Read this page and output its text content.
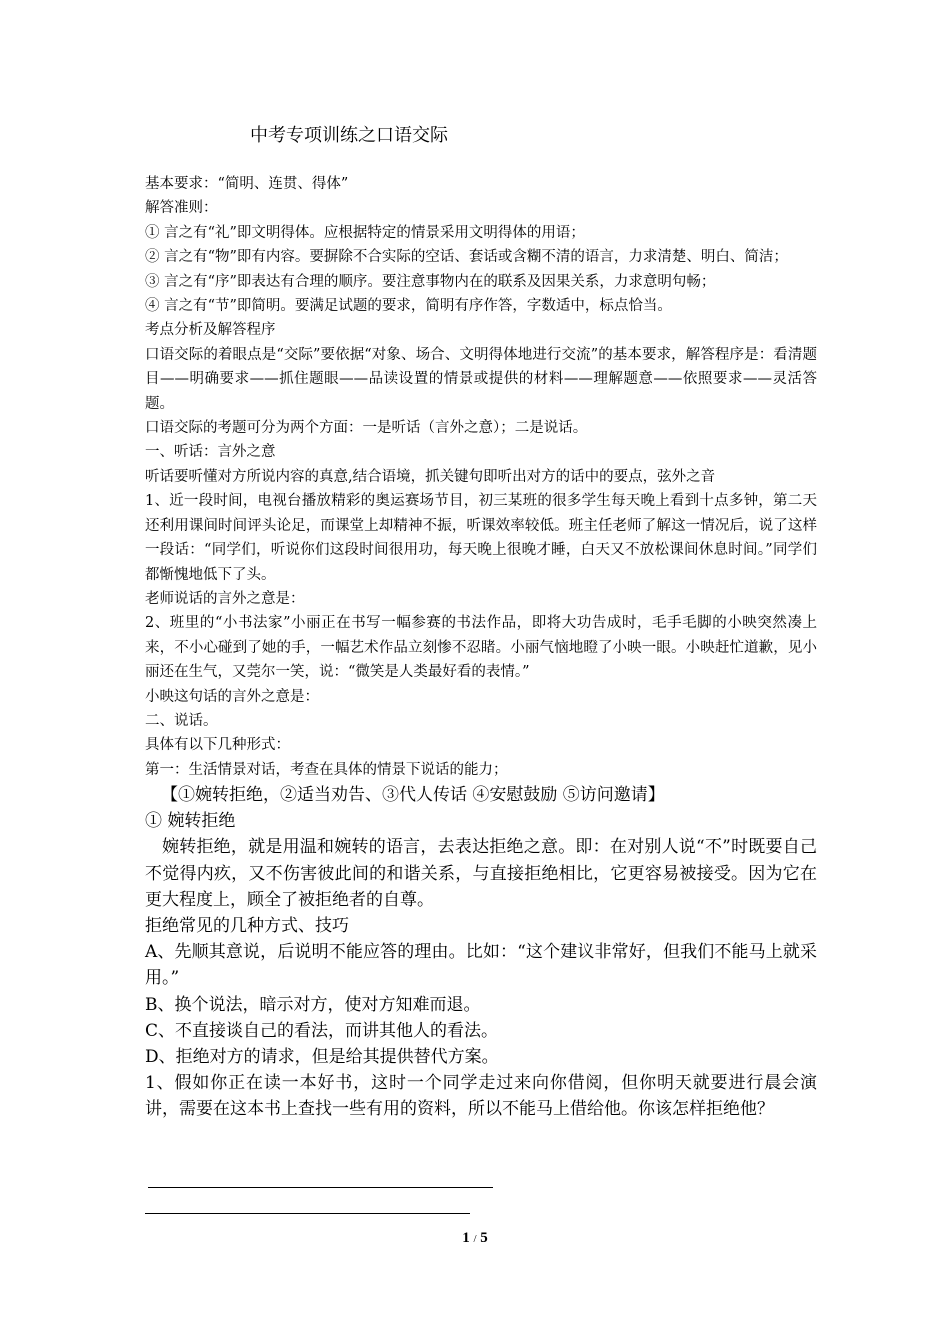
中考专项训练之口语交际

基本要求：“简明、连贯、得体”

解答准则：

① 言之有“礼”即文明得体。应根据特定的情景采用文明得体的用语；

② 言之有“物”即有内容。要摒除不合实际的空话、套话或含糊不清的语言，力求清楚、明白、简洁；

③ 言之有“序”即表达有合理的顺序。要注意事物内在的联系及因果关系，力求意明句畅；

④ 言之有“节”即简明。要满足试题的要求，简明有序作答，字数适中，标点恰当。

考点分析及解答程序

口语交际的着眼点是“交际”要依据“对象、场合、文明得体地进行交流”的基本要求，解答程序是：看清题目——明确要求——抓住题眼——品读设置的情景或提供的材料——理解题意——依照要求——灵活答题。

口语交际的考题可分为两个方面：一是听话（言外之意）；二是说话。

一、听话：言外之意

听话要听懂对方所说内容的真意,结合语境，抓关键句即听出对方的话中的要点，弦外之音

1、近一段时间，电视台播放精彩的奥运赛场节目，初三某班的很多学生每天晚上看到十点多钟，第二天还利用课间时间评头论足，而课堂上却精神不振，听课效率较低。班主任老师了解这一情况后，说了这样一段话：“同学们，听说你们这段时间很用功，每天晚上很晚才睡，白天又不放松课间休息时间。”同学们都惭愧地低下了头。

老师说话的言外之意是：

2、班里的“小书法家”小丽正在书写一幅参赛的书法作品，即将大功告成时，毛手毛脚的小映突然凑上来，不小心碰到了她的手，一幅艺术作品立刻惨不忍睹。小丽气恼地瞪了小映一眼。小映赶忙道歉，见小丽还在生气，又莞尔一笑，说：“微笑是人类最好看的表情。”

小映这句话的言外之意是：

二、说话。

具体有以下几种形式：

第一：生活情景对话，考查在具体的情景下说话的能力；

【①婉转拒绝，②适当劝告、③代人传话 ④安慰鼓励 ⑤访问邀请】

① 婉转拒绝

婉转拒绝，就是用温和婉转的语言，去表达拒绝之意。即：在对别人说“不”时既要自己不觉得内疚，又不伤害彼此间的和谐关系，与直接拒绝相比，它更容易被接受。因为它在更大程度上，顾全了被拒绝者的自尊。

拒绝常见的几种方式、技巧

A、先顺其意说，后说明不能应答的理由。比如：“这个建议非常好，但我们不能马上就采用。”

B、换个说法，暗示对方，使对方知难而退。

C、不直接谈自己的看法，而讲其他人的看法。

D、拒绝对方的请求，但是给其提供替代方案。

1、假如你正在读一本好书，这时一个同学走过来向你借阅，但你明天就要进行晨会演讲，需要在这本书上查找一些有用的资料，所以不能马上借给他。你该怎样拒绝他？

1 / 5
